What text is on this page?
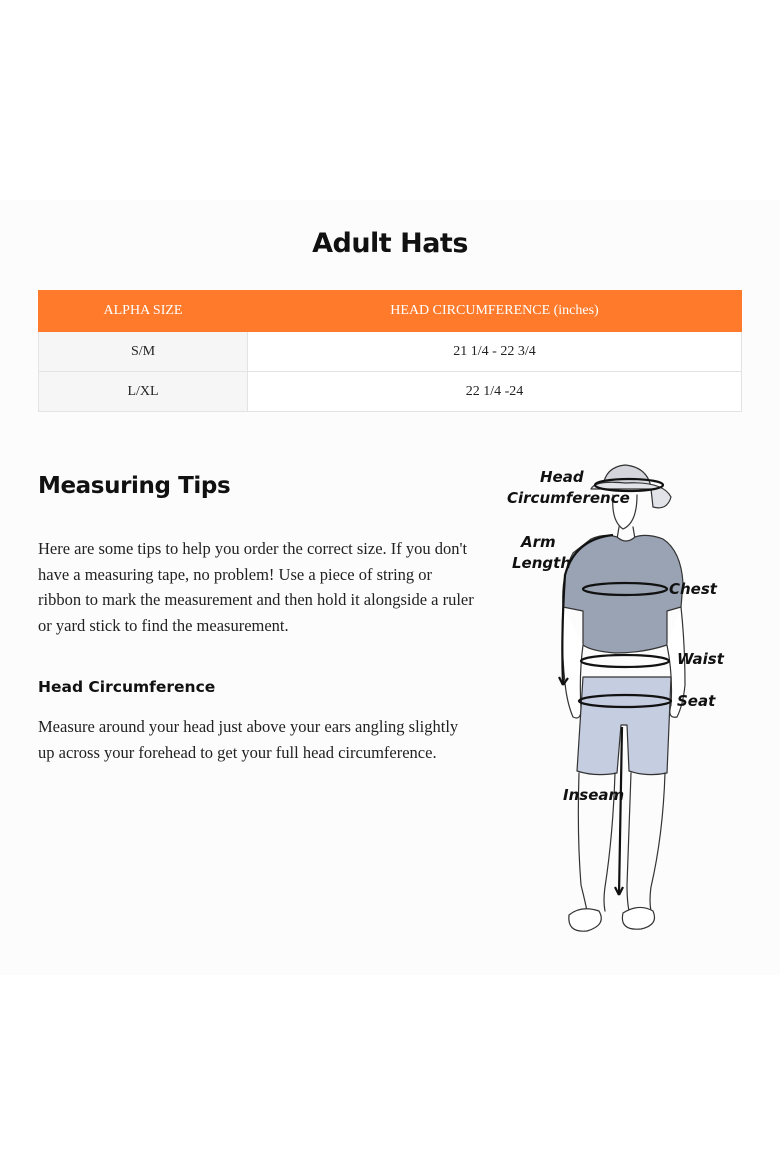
Adult Hats
ALPHA SIZE	HEAD CIRCUMFERENCE (inches)
S/M	21 1/4 - 22 3/4
L/XL	22 1/4 -24
Measuring Tips
Here are some tips to help you order the correct size. If you don't have a measuring tape, no problem! Use a piece of string or ribbon to mark the measurement and then hold it alongside a ruler or yard stick to find the measurement.
Head Circumference
Measure around your head just above your ears angling slightly up across your forehead to get your full head circumference.
Head
Circumference
Arm
Length
Chest
Waist
Seat
Inseam
